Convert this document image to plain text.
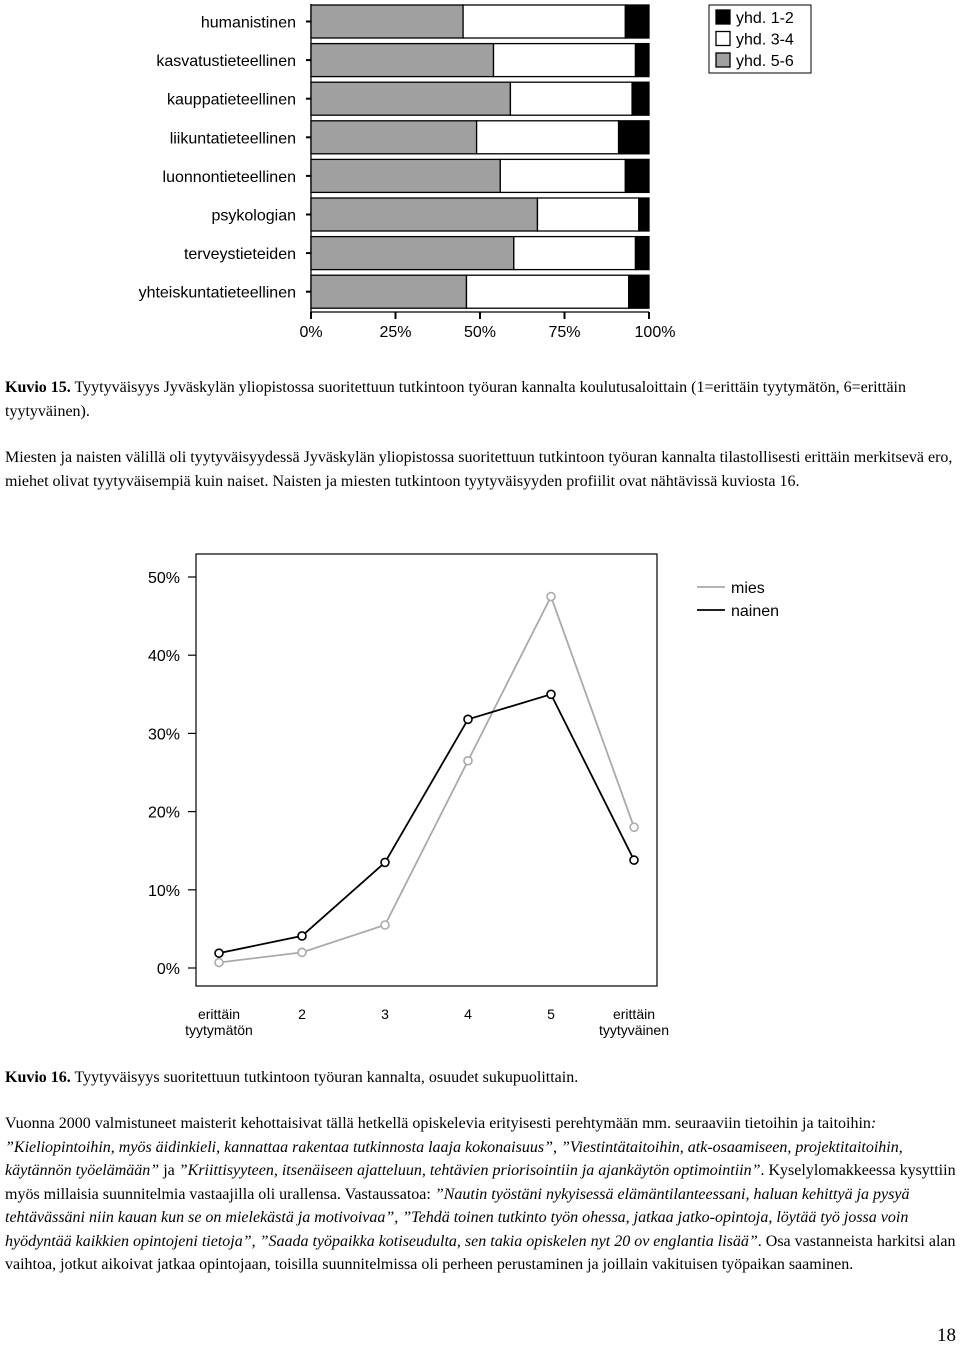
humanistinen
kasvatustieteellinen
kauppatieteellinen
liikuntatieteellinen
luonnontieteellinen
psykologian
terveystieteiden
yhteiskuntatieteellinen
0%	25%	50%	75%	100%
yhd. 1-2
yhd. 3-4
yhd. 5-6

Kuvio 15. Tyytyväisyys Jyväskylän yliopistossa suoritettuun tutkintoon työuran kannalta koulutusaloittain (1=erittäin tyytymätön, 6=erittäin tyytyväinen).

Miesten ja naisten välillä oli tyytyväisyydessä Jyväskylän yliopistossa suoritettuun tutkintoon työuran kannalta tilastollisesti erittäin merkitsevä ero, miehet olivat tyytyväisempiä kuin naiset. Naisten ja miesten tutkintoon tyytyväisyyden profiilit ovat nähtävissä kuviosta 16.

0%
10%
20%
30%
40%
50%
erittäin
tyytymätön
2	3	4	5	erittäin
tyytyväinen
mies
nainen

Kuvio 16. Tyytyväisyys suoritettuun tutkintoon työuran kannalta, osuudet sukupuolittain.

Vuonna 2000 valmistuneet maisterit kehottaisivat tällä hetkellä opiskelevia erityisesti perehtymään mm. seuraaviin tietoihin ja taitoihin: ”Kieliopintoihin, myös äidinkieli, kannattaa rakentaa tutkinnosta laaja kokonaisuus”, ”Viestintätaitoihin, atk-osaamiseen, projektitaitoihin, käytännön työelämään” ja ”Kriittisyyteen, itsenäiseen ajatteluun, tehtävien priorisointiin ja ajankäytön optimointiin”. Kyselylomakkeessa kysyttiin myös millaisia suunnitelmia vastaajilla oli urallensa. Vastaussatoa: ”Nautin työstäni nykyisessä elämäntilanteessani, haluan kehittyä ja pysyä tehtävässäni niin kauan kun se on mielekästä ja motivoivaa”, ”Tehdä toinen tutkinto työn ohessa, jatkaa jatko-opintoja, löytää työ jossa voin hyödyntää kaikkien opintojeni tietoja”, ”Saada työpaikka kotiseudulta, sen takia opiskelen nyt 20 ov englantia lisää”. Osa vastanneista harkitsi alan vaihtoa, jotkut aikoivat jatkaa opintojaan, toisilla suunnitelmissa oli perheen perustaminen ja joillain vakituisen työpaikan saaminen.

18
